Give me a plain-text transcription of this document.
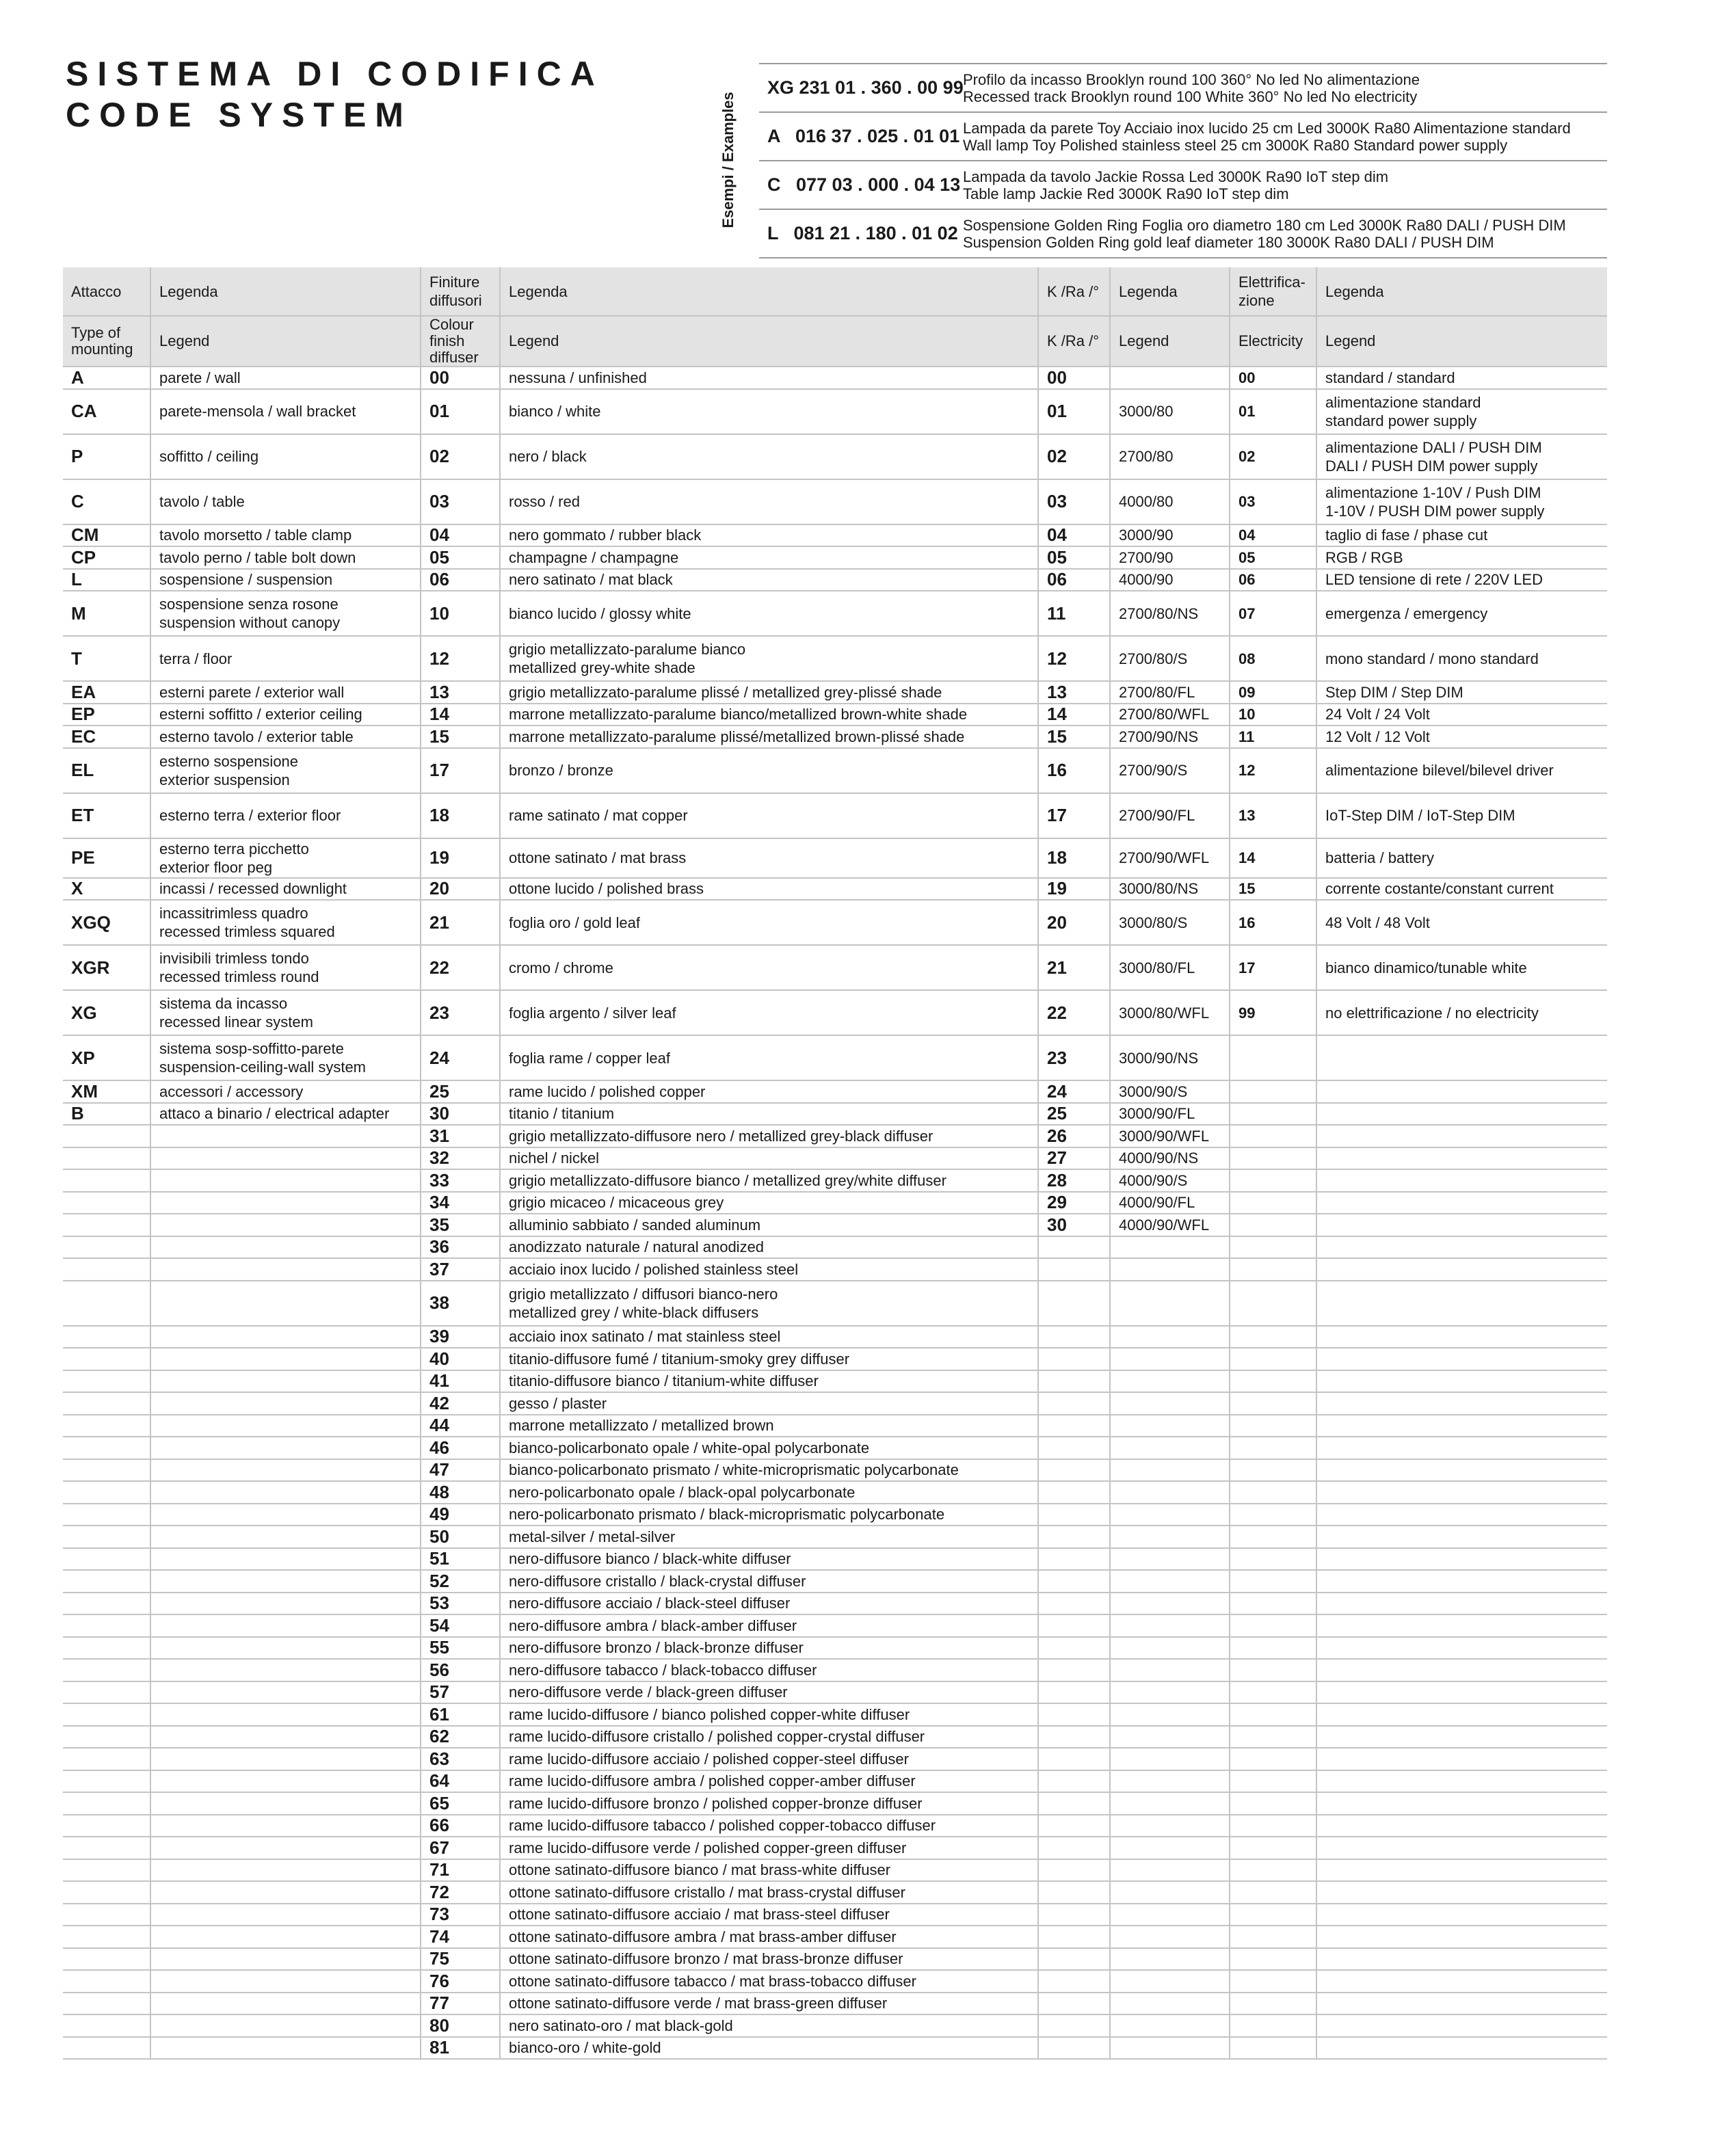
SISTEMA DI CODIFICA
CODE SYSTEM	Esempi / Examples
XG 231 01 . 360 . 00 99	Profilo da incasso Brooklyn round 100 360° No led No alimentazione
Recessed track Brooklyn round 100 White 360° No led No electricity

A   016 37 . 025 . 01 01	Lampada da parete Toy Acciaio inox lucido 25 cm Led 3000K Ra80 Alimentazione standard
Wall lamp Toy Polished stainless steel 25 cm 3000K Ra80 Standard power supply

C   077 03 . 000 . 04 13	Lampada da tavolo Jackie Rossa Led 3000K Ra90 IoT step dim
Table lamp Jackie Red 3000K Ra90 IoT step dim

L   081 21 . 180 . 01 02	Sospensione Golden Ring Foglia oro diametro 180 cm Led 3000K Ra80 DALI / PUSH DIM
Suspension Golden Ring gold leaf diameter 180 3000K Ra80 DALI / PUSH DIM
Attacco	Legenda	Finiture diffusori	Legenda	K /Ra /°	Legenda	Elettrifica-zione	Legenda
Type of mounting	Legend	Colour finish diffuser	Legend	K /Ra /°	Legend	Electricity	Legend
A	parete / wall	00	nessuna / unfinished	00		00	standard / standard
CA	parete-mensola / wall bracket	01	bianco / white	01	3000/80	01	alimentazione standard
standard power supply
P	soffitto / ceiling	02	nero / black	02	2700/80	02	alimentazione DALI / PUSH DIM
DALI / PUSH DIM power supply
C	tavolo / table	03	rosso / red	03	4000/80	03	alimentazione 1-10V / Push DIM
1-10V / PUSH DIM power supply
CM	tavolo morsetto / table clamp	04	nero gommato / rubber black	04	3000/90	04	taglio di fase / phase cut
CP	tavolo perno / table bolt down	05	champagne / champagne	05	2700/90	05	RGB / RGB
L	sospensione / suspension	06	nero satinato / mat black	06	4000/90	06	LED tensione di rete / 220V LED
M	sospensione senza rosone
suspension without canopy	10	bianco lucido / glossy white	11	2700/80/NS	07	emergenza / emergency
T	terra / floor	12	grigio metallizzato-paralume bianco
metallized grey-white shade	12	2700/80/S	08	mono standard / mono standard
EA	esterni parete / exterior wall	13	grigio metallizzato-paralume plissé / metallized grey-plissé shade	13	2700/80/FL	09	Step DIM / Step DIM
EP	esterni soffitto / exterior ceiling	14	marrone metallizzato-paralume bianco/metallized brown-white shade	14	2700/80/WFL	10	24 Volt / 24 Volt
EC	esterno tavolo / exterior table	15	marrone metallizzato-paralume plissé/metallized brown-plissé shade	15	2700/90/NS	11	12 Volt / 12 Volt
EL	esterno sospensione
exterior suspension	17	bronzo / bronze	16	2700/90/S	12	alimentazione bilevel/bilevel driver
ET	esterno terra / exterior floor	18	rame satinato / mat copper	17	2700/90/FL	13	IoT-Step DIM / IoT-Step DIM
PE	esterno terra picchetto
exterior floor peg	19	ottone satinato / mat brass	18	2700/90/WFL	14	batteria / battery
X	incassi / recessed downlight	20	ottone lucido / polished brass	19	3000/80/NS	15	corrente costante/constant current
XGQ	incassitrimless quadro
recessed trimless squared	21	foglia oro / gold leaf	20	3000/80/S	16	48 Volt / 48 Volt
XGR	invisibili trimless tondo
recessed trimless round	22	cromo / chrome	21	3000/80/FL	17	bianco dinamico/tunable white
XG	sistema da incasso
recessed linear system	23	foglia argento / silver leaf	22	3000/80/WFL	99	no elettrificazione / no electricity
XP	sistema sosp-soffitto-parete
suspension-ceiling-wall system	24	foglia rame / copper leaf	23	3000/90/NS		
XM	accessori / accessory	25	rame lucido / polished copper	24	3000/90/S		
B	attaco a binario / electrical adapter	30	titanio / titanium	25	3000/90/FL		
		31	grigio metallizzato-diffusore nero / metallized grey-black diffuser	26	3000/90/WFL		
		32	nichel / nickel	27	4000/90/NS		
		33	grigio metallizzato-diffusore bianco / metallized grey/white diffuser	28	4000/90/S		
		34	grigio micaceo / micaceous grey	29	4000/90/FL		
		35	alluminio sabbiato / sanded aluminum	30	4000/90/WFL		
		36	anodizzato naturale / natural anodized				
		37	acciaio inox lucido / polished stainless steel				
		38	grigio metallizzato / diffusori bianco-nero
metallized grey / white-black diffusers				
		39	acciaio inox satinato / mat stainless steel				
		40	titanio-diffusore fumé / titanium-smoky grey diffuser				
		41	titanio-diffusore bianco / titanium-white diffuser				
		42	gesso / plaster				
		44	marrone metallizzato / metallized brown				
		46	bianco-policarbonato opale / white-opal polycarbonate				
		47	bianco-policarbonato prismato / white-microprismatic polycarbonate				
		48	nero-policarbonato opale / black-opal polycarbonate				
		49	nero-policarbonato prismato / black-microprismatic polycarbonate				
		50	metal-silver / metal-silver				
		51	nero-diffusore bianco / black-white diffuser				
		52	nero-diffusore cristallo / black-crystal diffuser				
		53	nero-diffusore acciaio / black-steel diffuser				
		54	nero-diffusore ambra / black-amber diffuser				
		55	nero-diffusore bronzo / black-bronze diffuser				
		56	nero-diffusore tabacco / black-tobacco diffuser				
		57	nero-diffusore verde / black-green diffuser				
		61	rame lucido-diffusore / bianco polished copper-white diffuser				
		62	rame lucido-diffusore cristallo / polished copper-crystal diffuser				
		63	rame lucido-diffusore acciaio / polished copper-steel diffuser				
		64	rame lucido-diffusore ambra / polished copper-amber diffuser				
		65	rame lucido-diffusore bronzo / polished copper-bronze diffuser				
		66	rame lucido-diffusore tabacco / polished copper-tobacco diffuser				
		67	rame lucido-diffusore verde / polished copper-green diffuser				
		71	ottone satinato-diffusore bianco / mat brass-white diffuser				
		72	ottone satinato-diffusore cristallo / mat brass-crystal diffuser				
		73	ottone satinato-diffusore acciaio / mat brass-steel diffuser				
		74	ottone satinato-diffusore ambra / mat brass-amber diffuser				
		75	ottone satinato-diffusore bronzo / mat brass-bronze diffuser				
		76	ottone satinato-diffusore tabacco / mat brass-tobacco diffuser				
		77	ottone satinato-diffusore verde / mat brass-green diffuser				
		80	nero satinato-oro / mat black-gold				
		81	bianco-oro / white-gold				
